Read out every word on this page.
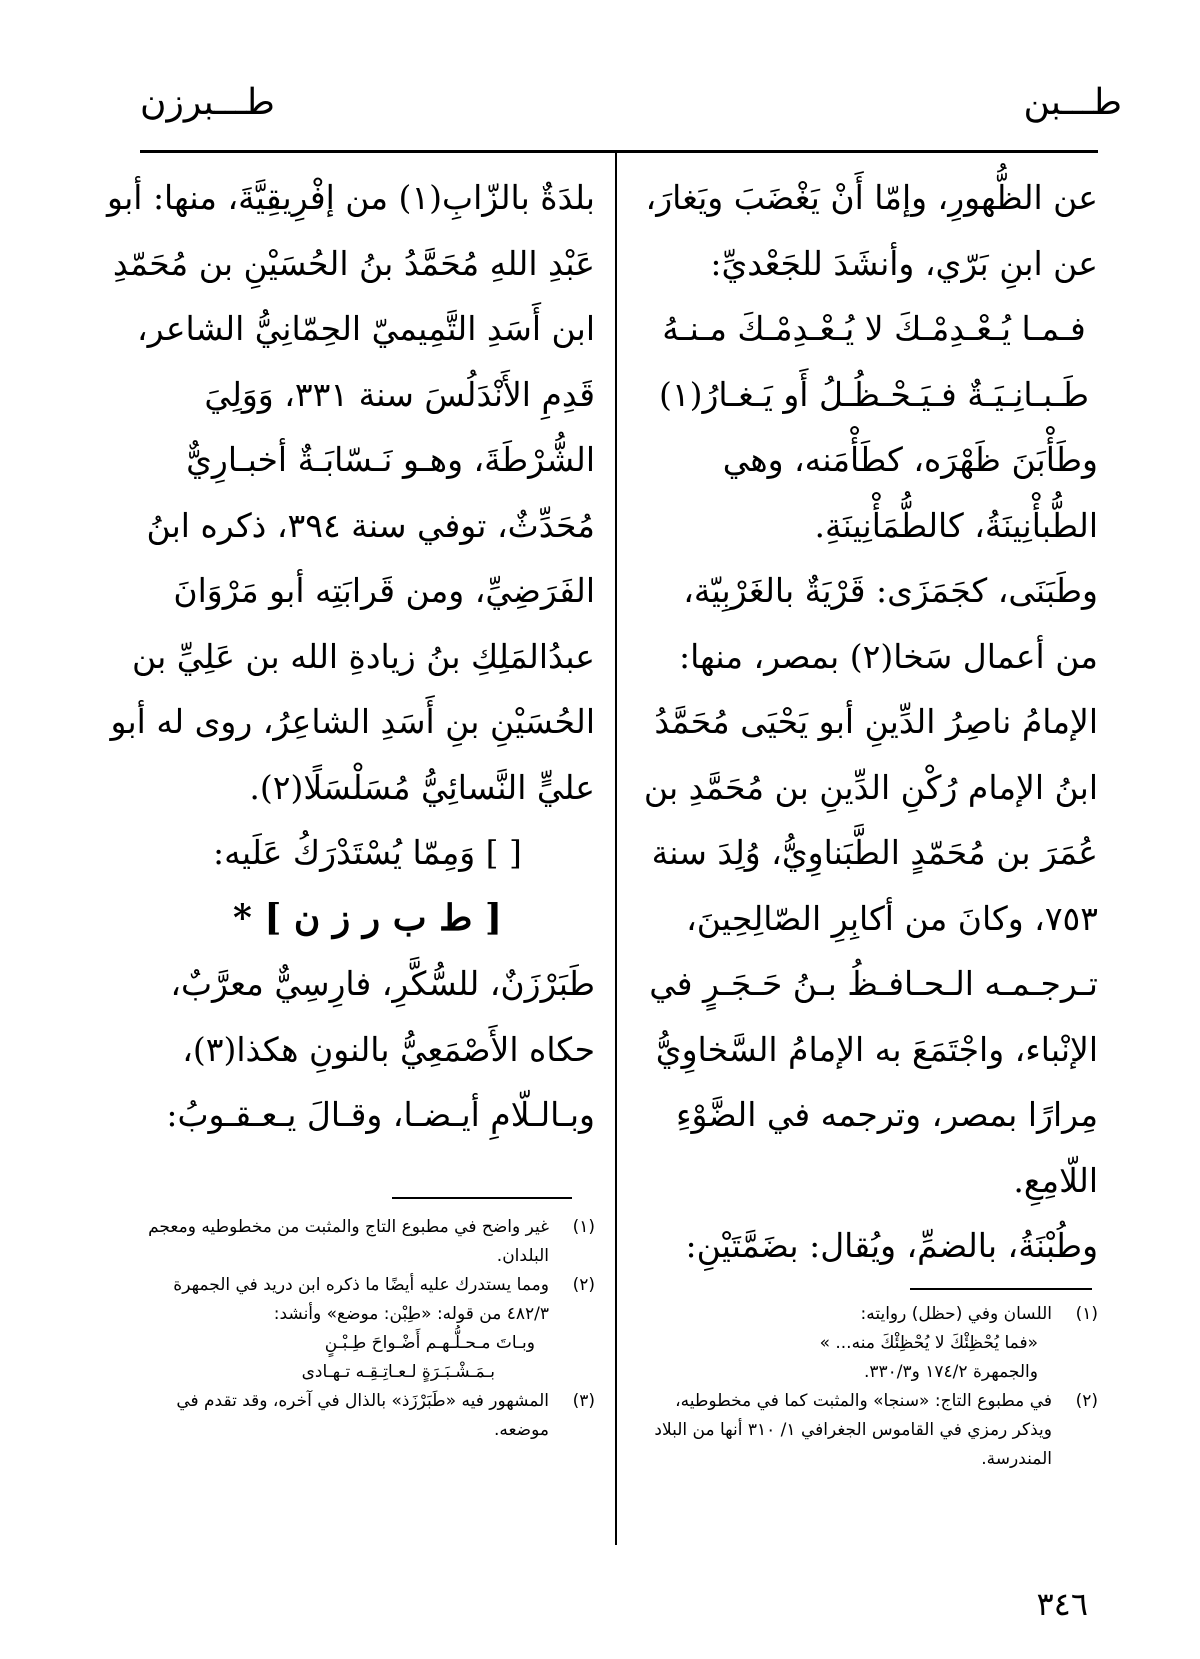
طـــبن
طـــبرزن
عن الظُّهورِ، وإمّا أَنْ يَغْضَبَ ويَغارَ،
عن ابنِ بَرّي، وأنشَدَ للجَعْديِّ:
فـمـا يُـعْـدِمْـكَ لا يُـعْـدِمْـكَ مـنـهُ
طَـبـانِـيَـةٌ فـيَـحْـظُـلُ أَو يَـغـارُ(١)
وطَأْبَنَ ظَهْرَه، كطَأْمَنه، وهي
الطُّبأْنِينَةُ، كالطُّمَأْنِينَةِ.
وطَبَنَى، كجَمَزَى: قَرْيَةٌ بالغَرْبِيّة،
من أعمال سَخا(٢) بمصر، منها:
الإمامُ ناصِرُ الدِّينِ أبو يَحْيَى مُحَمَّدُ
ابنُ الإمام رُكْنِ الدِّينِ بن مُحَمَّدِ بن
عُمَرَ بن مُحَمّدٍ الطَّبَناوِيُّ، وُلِدَ سنة
٧٥٣، وكانَ من أكابِرِ الصّالِحِينَ،
تـرجـمـه الـحـافـظُ بـنُ حَـجَـرٍ في
الإنْباء، واجْتَمَعَ به الإمامُ السَّخاوِيُّ
مِرارًا بمصر، وترجمه في الضَّوْءِ
اللّامِعِ.
وطُبْنَةُ، بالضمِّ، ويُقال: بضَمَّتَيْنِ:
(١)
اللسان وفي (حظل) روايته:
«فما يُحْظِئْكَ لا يُحْظِئْكَ منه... »
والجمهرة ١٧٤/٢ و٣٣٠/٣.
(٢)
في مطبوع التاج: «سنجا» والمثبت كما في مخطوطيه، ويذكر رمزي في القاموس الجغرافي ١/ ٣١٠ أنها من البلاد المندرسة.
بلدَةٌ بالزّابِ(١) من إفْرِيقِيَّةَ، منها: أبو
عَبْدِ اللهِ مُحَمَّدُ بنُ الحُسَيْنِ بن مُحَمّدِ
ابن أَسَدِ التَّمِيميّ الحِمّانِيُّ الشاعر،
قَدِمِ الأَنْدَلُسَ سنة ٣٣١، وَوَلِيَ
الشُّرْطَةَ، وهـو نَـسّابَـةٌ أخبـارِيٌّ
مُحَدِّثٌ، توفي سنة ٣٩٤، ذكره ابنُ
الفَرَضِيِّ، ومن قَرابَتِه أبو مَرْوَانَ
عبدُالمَلِكِ بنُ زيادةِ الله بن عَلِيِّ بن
الحُسَيْنِ بنِ أَسَدِ الشاعِرُ، روى له أبو
عليٍّ النَّسائِيُّ مُسَلْسَلًا(٢).
[ ] وَمِمّا يُسْتَدْرَكُ عَلَيه:
[ ط ب ر ز ن ] *
طَبَرْزَنٌ، للسُّكَّرِ، فارِسِيٌّ معرَّبٌ،
حكاه الأَصْمَعِيُّ بالنونِ هكذا(٣)،
وبـالـلّامِ أيـضـا، وقـالَ يـعـقـوبُ:
(١)
غير واضح في مطبوع التاج والمثبت من مخطوطيه ومعجم البلدان.
(٢)
ومما يستدرك عليه أيضًا ما ذكره ابن دريد في الجمهرة ٤٨٢/٣ من قوله: «طِبْن: موضع» وأنشد:
وبـاتَ مـحـلُّـهـم أَضْـواحَ طِـبْـنٍ
بـمَـشْـبَـرَةٍ لـعـاتِـقِـه تـهـادى
(٣)
المشهور فيه «طَبَرْزَذ» بالذال في آخره، وقد تقدم في موضعه.
٣٤٦
